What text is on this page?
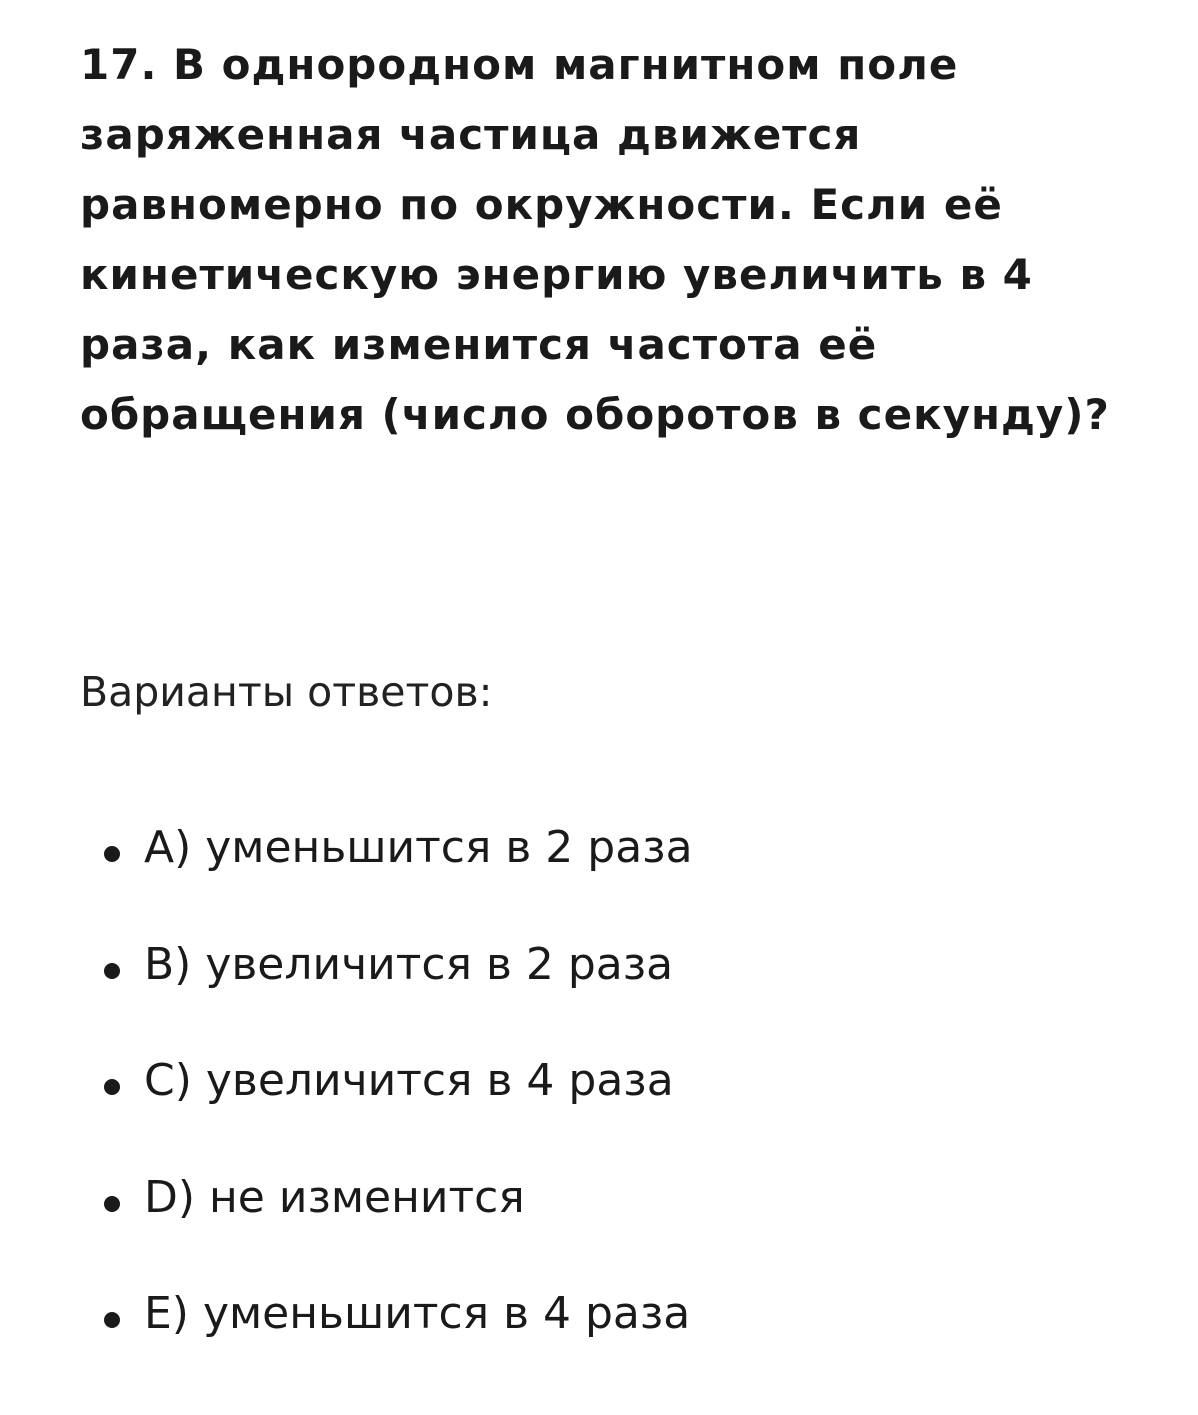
17. В однородном магнитном поле заряженная частица движется равномерно по окружности. Если её кинетическую энергию увеличить в 4 раза, как изменится частота её обращения (число оборотов в секунду)?

Варианты ответов:

A) уменьшится в 2 раза
B) увеличится в 2 раза
C) увеличится в 4 раза
D) не изменится
E) уменьшится в 4 раза
